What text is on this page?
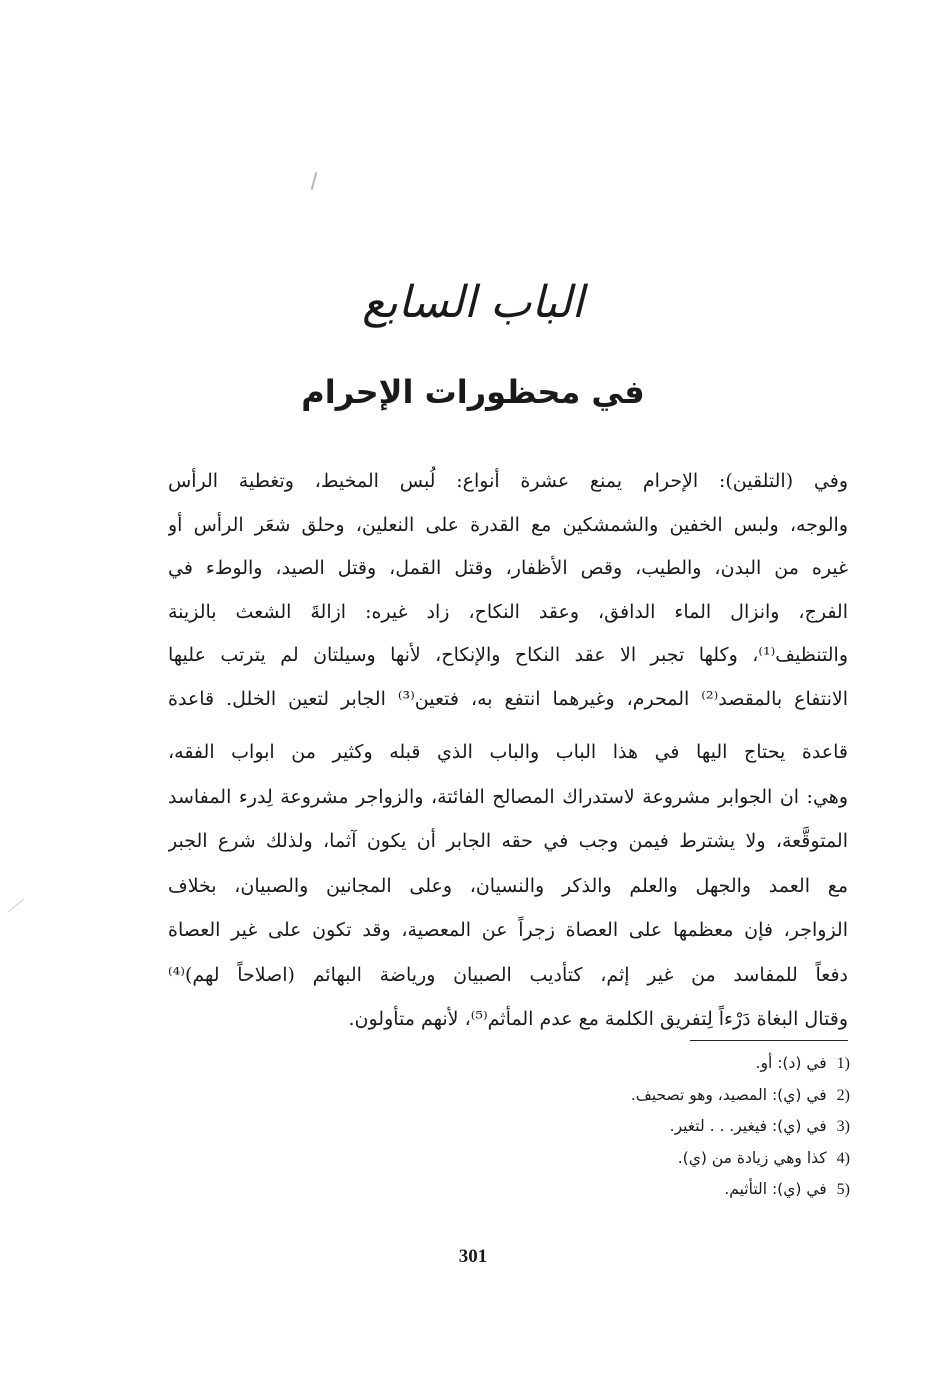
الباب السابع
في محظورات الإحرام
وفي (التلقين): الإحرام يمنع عشرة أنواع: لُبس المخيط، وتغطية الرأس
والوجه، ولبس الخفين والشمشكين مع القدرة على النعلين، وحلق شعَر الرأس أو
غيره من البدن، والطيب، وقص الأظفار، وقتل القمل، وقتل الصيد، والوطء في
الفرج، وانزال الماء الدافق، وعقد النكاح، زاد غيره: ازالةَ الشعث بالزينة
والتنظيف⁽¹⁾، وكلها تجبر الا عقد النكاح والإنكاح، لأنها وسيلتان لم يترتب عليها
الانتفاع بالمقصد⁽²⁾ المحرم، وغيرهما انتفع به، فتعين⁽³⁾ الجابر لتعين الخلل. قاعدة
قاعدة يحتاج اليها في هذا الباب والباب الذي قبله وكثير من ابواب الفقه،
وهي: ان الجوابر مشروعة لاستدراك المصالح الفائتة، والزواجر مشروعة لِدرء المفاسد
المتوقَّعة، ولا يشترط فيمن وجب في حقه الجابر أن يكون آثما، ولذلك شرع الجبر
مع العمد والجهل والعلم والذكر والنسيان، وعلى المجانين والصبيان، بخلاف
الزواجر، فإن معظمها على العصاة زجراً عن المعصية، وقد تكون على غير العصاة
دفعاً للمفاسد من غير إثم، كتأديب الصبيان ورياضة البهائم (اصلاحاً لهم)⁽⁴⁾
وقتال البغاة دَرْءاً لِتفريق الكلمة مع عدم المأثم⁽⁵⁾، لأنهم متأولون.
1)في (د): أو.
2)في (ي): المصيد، وهو تصحيف.
3)في (ي): فيغير. . . لتغير.
4)كذا وهي زيادة من (ي).
5)في (ي): التأثيم.
301
